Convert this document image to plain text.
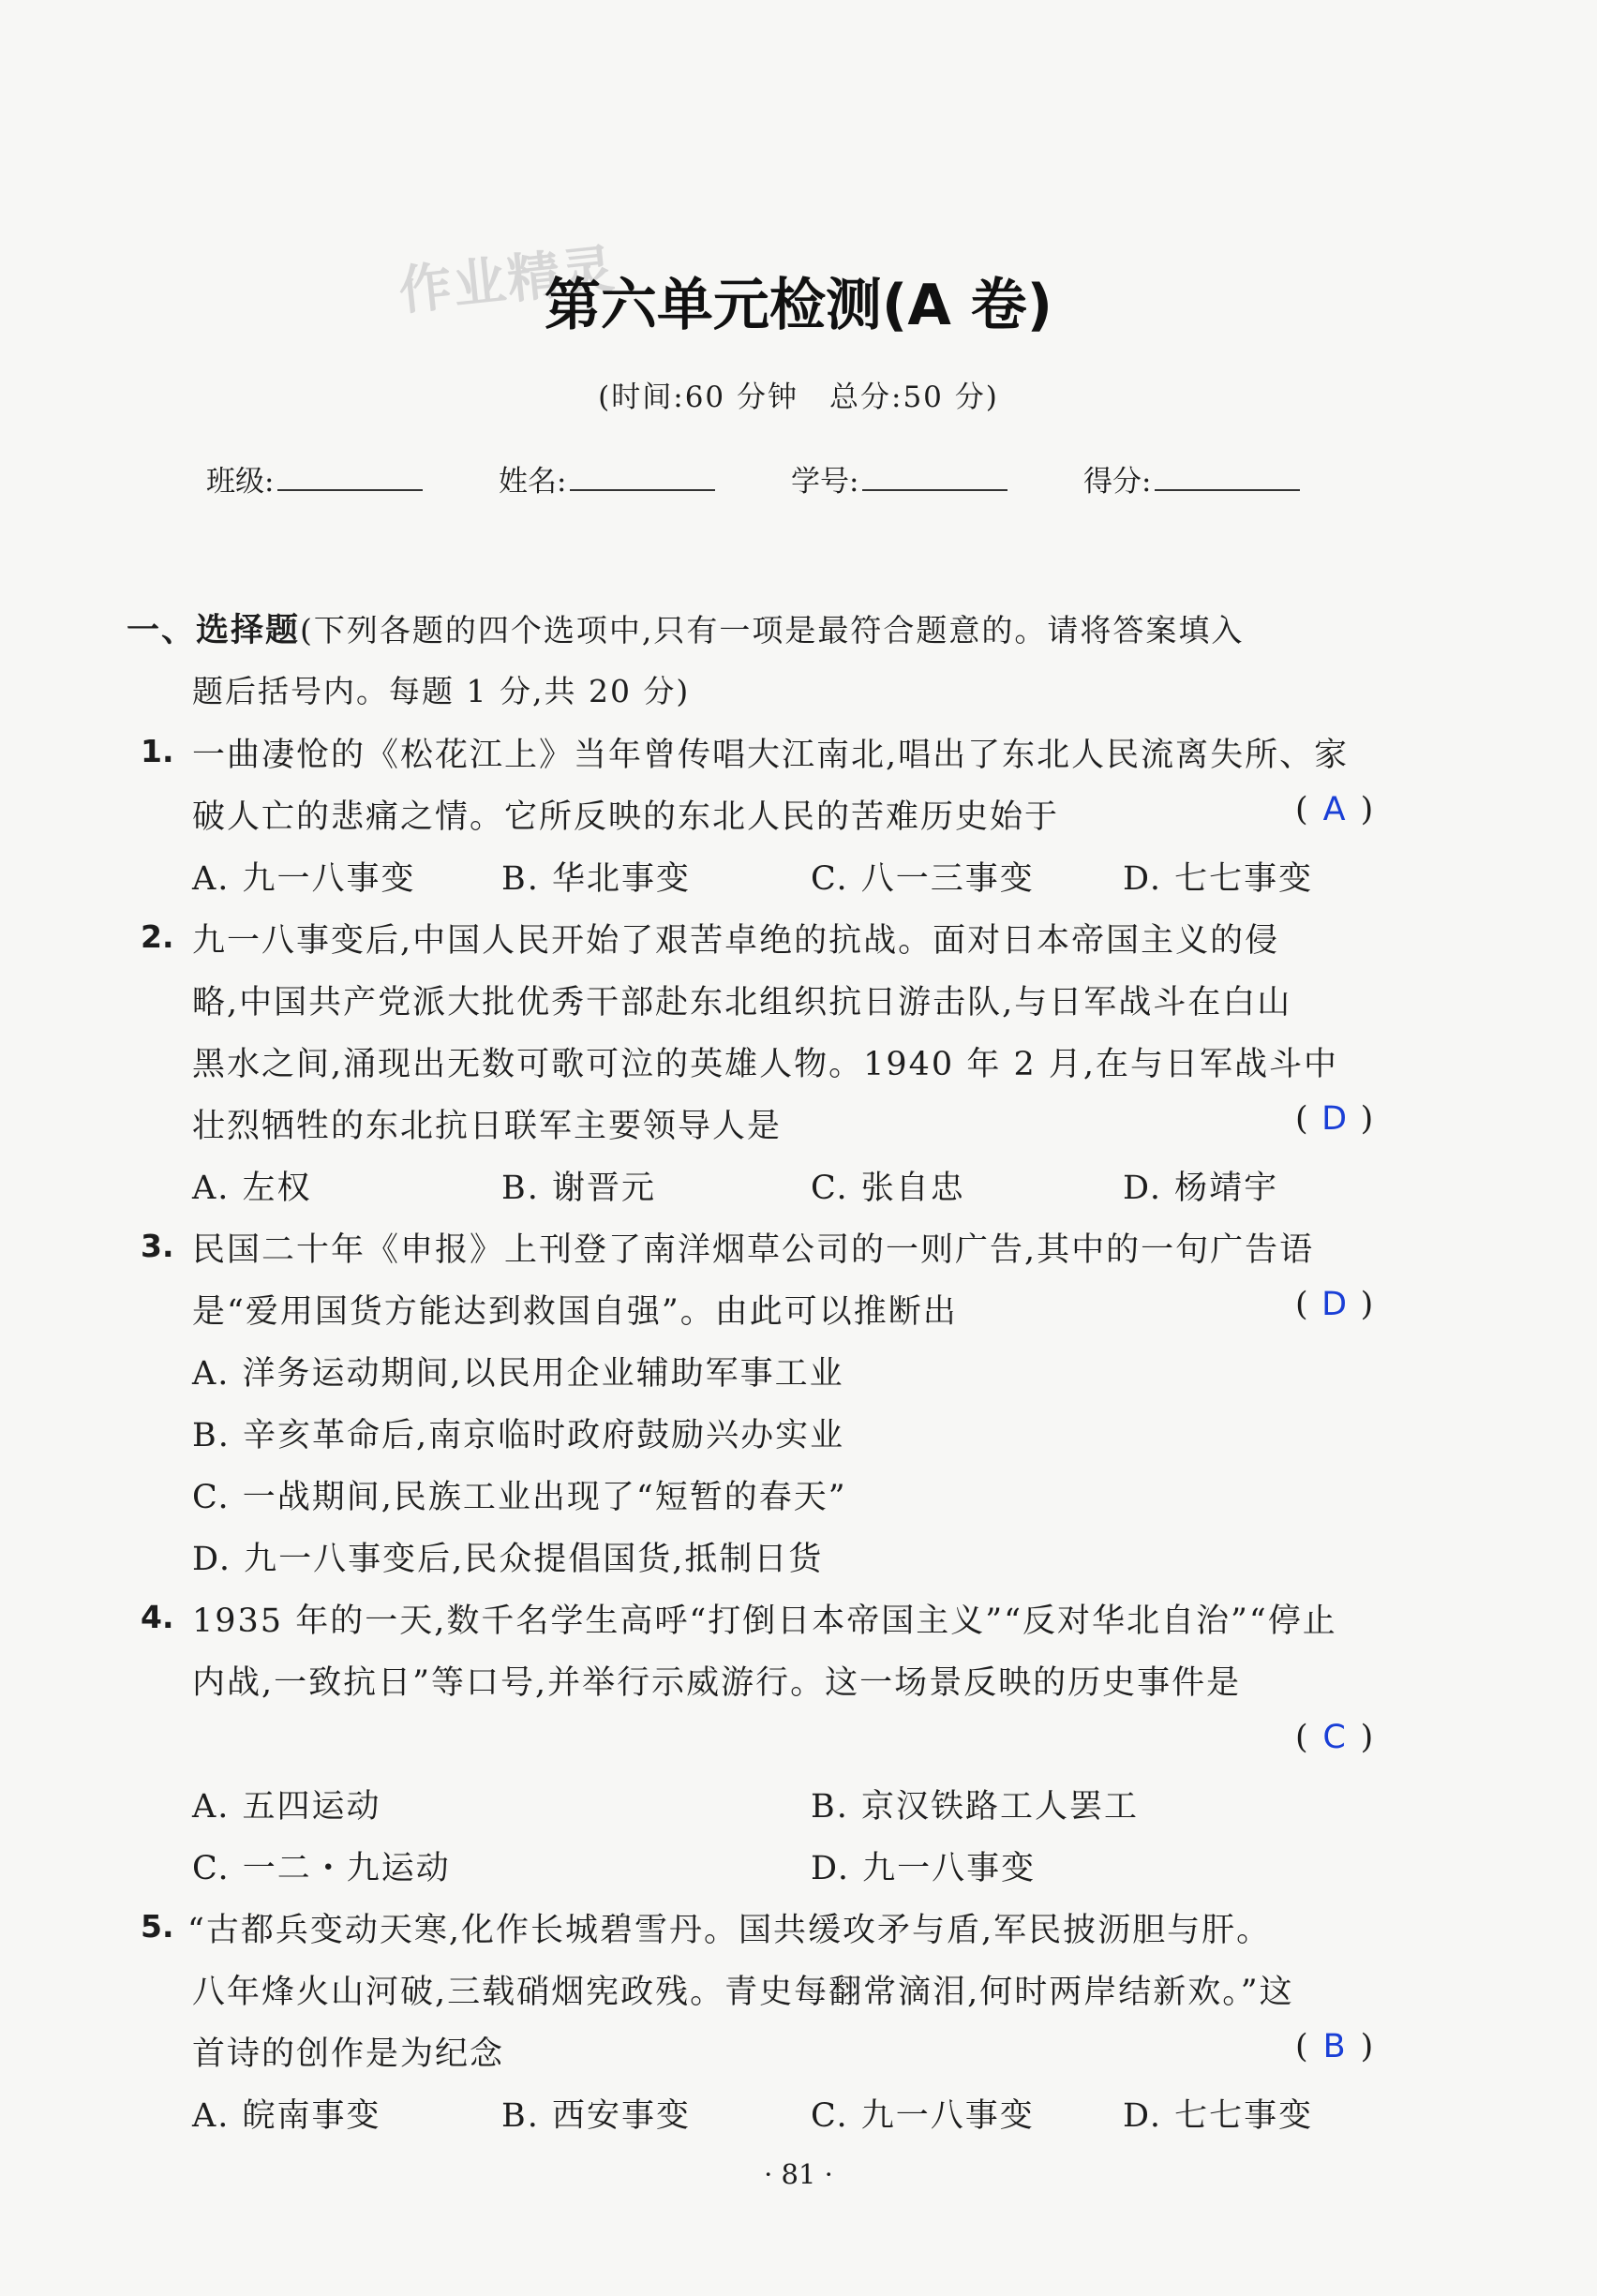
作业精灵
第六单元检测(A 卷)
(时间:60 分钟　总分:50 分)
班级:	姓名:	学号:	得分:
一、选择题(下列各题的四个选项中,只有一项是最符合题意的。请将答案填入
题后括号内。每题 1 分,共 20 分)
1. 一曲凄怆的《松花江上》当年曾传唱大江南北,唱出了东北人民流离失所、家
破人亡的悲痛之情。它所反映的东北人民的苦难历史始于	( A )
A. 九一八事变	B. 华北事变	C. 八一三事变	D. 七七事变
2. 九一八事变后,中国人民开始了艰苦卓绝的抗战。面对日本帝国主义的侵
略,中国共产党派大批优秀干部赴东北组织抗日游击队,与日军战斗在白山
黑水之间,涌现出无数可歌可泣的英雄人物。1940 年 2 月,在与日军战斗中
壮烈牺牲的东北抗日联军主要领导人是	( D )
A. 左权	B. 谢晋元	C. 张自忠	D. 杨靖宇
3. 民国二十年《申报》上刊登了南洋烟草公司的一则广告,其中的一句广告语
是“爱用国货方能达到救国自强”。由此可以推断出	( D )
A. 洋务运动期间,以民用企业辅助军事工业
B. 辛亥革命后,南京临时政府鼓励兴办实业
C. 一战期间,民族工业出现了“短暂的春天”
D. 九一八事变后,民众提倡国货,抵制日货
4. 1935 年的一天,数千名学生高呼“打倒日本帝国主义”“反对华北自治”“停止
内战,一致抗日”等口号,并举行示威游行。这一场景反映的历史事件是
( C )
A. 五四运动	B. 京汉铁路工人罢工
C. 一二・九运动	D. 九一八事变
5. “古都兵变动天寒,化作长城碧雪丹。国共缓攻矛与盾,军民披沥胆与肝。
八年烽火山河破,三载硝烟宪政残。青史每翻常滴泪,何时两岸结新欢。”这
首诗的创作是为纪念	( B )
A. 皖南事变	B. 西安事变	C. 九一八事变	D. 七七事变
· 81 ·
